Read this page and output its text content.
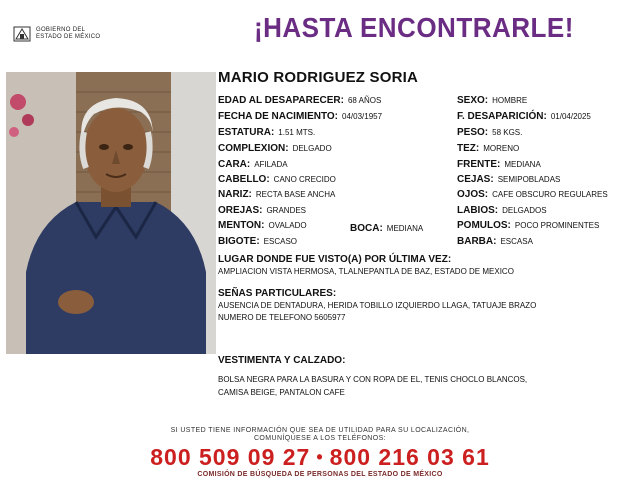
GOBIERNO DEL
ESTADO DE MÉXICO	¡HASTA ENCONTRARLE!
MARIO RODRIGUEZ SORIA
EDAD AL DESAPARECER: 68 AÑOS
FECHA DE NACIMIENTO: 04/03/1957
ESTATURA: 1.51 MTS.
COMPLEXION: DELGADO
CARA: AFILADA
CABELLO: CANO CRECIDO
NARIZ: RECTA BASE ANCHA
OREJAS: GRANDES
MENTON: OVALADO
BIGOTE: ESCASO
BOCA: MEDIANA
SEXO: HOMBRE
F. DESAPARICIÓN: 01/04/2025
PESO: 58 KGS.
TEZ: MORENO
FRENTE: MEDIANA
CEJAS: SEMIPOBLADAS
OJOS: CAFE OBSCURO REGULARES
LABIOS: DELGADOS
POMULOS: POCO PROMINENTES
BARBA: ESCASA
LUGAR DONDE FUE VISTO(A) POR ÚLTIMA VEZ:
AMPLIACION VISTA HERMOSA, TLALNEPANTLA DE BAZ, ESTADO DE MEXICO
SEÑAS PARTICULARES:
AUSENCIA DE DENTADURA, HERIDA TOBILLO IZQUIERDO LLAGA, TATUAJE BRAZO
NUMERO DE TELEFONO 5605977
VESTIMENTA Y CALZADO:
BOLSA NEGRA PARA LA BASURA Y CON ROPA DE EL, TENIS CHOCLO BLANCOS,
CAMISA BEIGE, PANTALON CAFE
SI USTED TIENE INFORMACIÓN QUE SEA DE UTILIDAD PARA SU LOCALIZACIÓN,
COMUNÍQUESE A LOS TELÉFONOS:
800 509 09 27 • 800 216 03 61
COMISIÓN DE BÚSQUEDA DE PERSONAS DEL ESTADO DE MÉXICO
